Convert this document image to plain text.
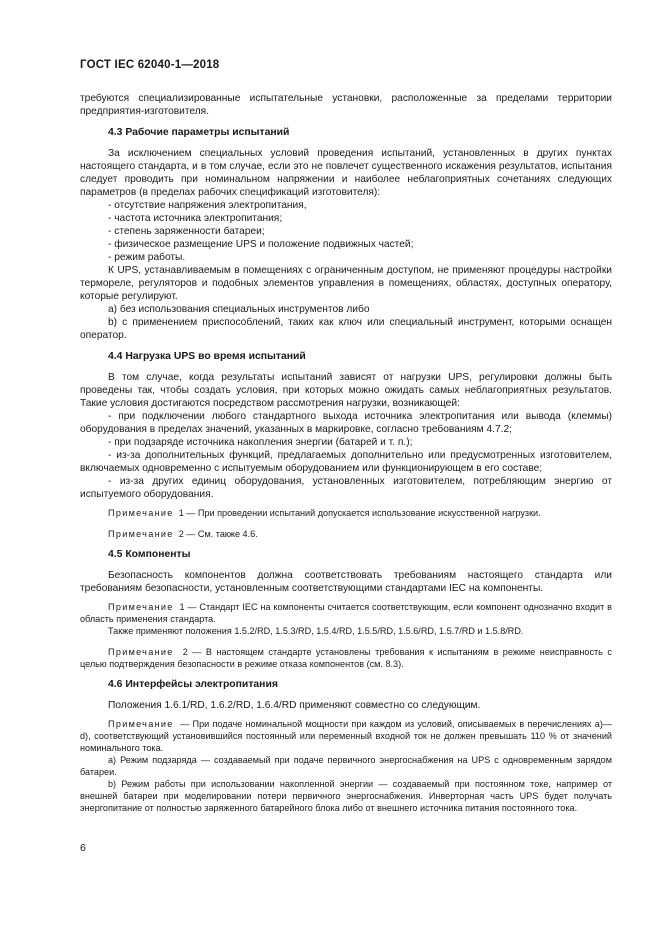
ГОСТ IEC 62040-1—2018

требуются специализированные испытательные установки, расположенные за пределами территории предприятия-изготовителя.

4.3 Рабочие параметры испытаний

За исключением специальных условий проведения испытаний, установленных в других пунктах настоящего стандарта, и в том случае, если это не повлечет существенного искажения результатов, испытания следует проводить при номинальном напряжении и наиболее неблагоприятных сочетаниях следующих параметров (в пределах рабочих спецификаций изготовителя):

- отсутствие напряжения электропитания,

- частота источника электропитания;

- степень заряженности батареи;

- физическое размещение UPS и положение подвижных частей;

- режим работы.

К UPS, устанавливаемым в помещениях с ограниченным доступом, не применяют процедуры настройки термореле, регуляторов и подобных элементов управления в помещениях, областях, доступных оператору, которые регулируют.

a) без использования специальных инструментов либо

b) с применением приспособлений, таких как ключ или специальный инструмент, которыми оснащен оператор.

4.4 Нагрузка UPS во время испытаний

В том случае, когда результаты испытаний зависят от нагрузки UPS, регулировки должны быть проведены так, чтобы создать условия, при которых можно ожидать самых неблагоприятных результатов. Такие условия достигаются посредством рассмотрения нагрузки, возникающей:

- при подключении любого стандартного выхода источника электропитания или вывода (клеммы) оборудования в пределах значений, указанных в маркировке, согласно требованиям 4.7.2;

- при подзаряде источника накопления энергии (батарей и т. п.);

- из-за дополнительных функций, предлагаемых дополнительно или предусмотренных изготовителем, включаемых одновременно с испытуемым оборудованием или функционирующем в его составе;

- из-за других единиц оборудования, установленных изготовителем, потребляющим энергию от испытуемого оборудования.

Примечание 1 — При проведении испытаний допускается использование искусственной нагрузки.

Примечание 2 — См. также 4.6.

4.5 Компоненты

Безопасность компонентов должна соответствовать требованиям настоящего стандарта или требованиям безопасности, установленным соответствующими стандартами IEC на компоненты.

Примечание 1 — Стандарт IEC на компоненты считается соответствующим, если компонент однозначно входит в область применения стандарта.

Также применяют положения 1.5.2/RD, 1.5.3/RD, 1.5.4/RD, 1.5.5/RD, 1.5.6/RD, 1.5.7/RD и 1.5.8/RD.

Примечание 2 — В настоящем стандарте установлены требования к испытаниям в режиме неисправность с целью подтверждения безопасности в режиме отказа компонентов (см. 8.3).

4.6 Интерфейсы электропитания

Положения 1.6.1/RD, 1.6.2/RD, 1.6.4/RD применяют совместно со следующим.

Примечание — При подаче номинальной мощности при каждом из условий, описываемых в перечислениях a)—d), соответствующий установившийся постоянный или переменный входной ток не должен превышать 110 % от значений номинального тока.

a) Режим подзаряда — создаваемый при подаче первичного энергоснабжения на UPS с одновременным зарядом батареи.

b) Режим работы при использовании накопленной энергии — создаваемый при постоянном токе, например от внешней батареи при моделировании потери первичного энергоснабжения. Инверторная часть UPS будет получать энергопитание от полностью заряженного батарейного блока либо от внешнего источника питания постоянного тока.

6
